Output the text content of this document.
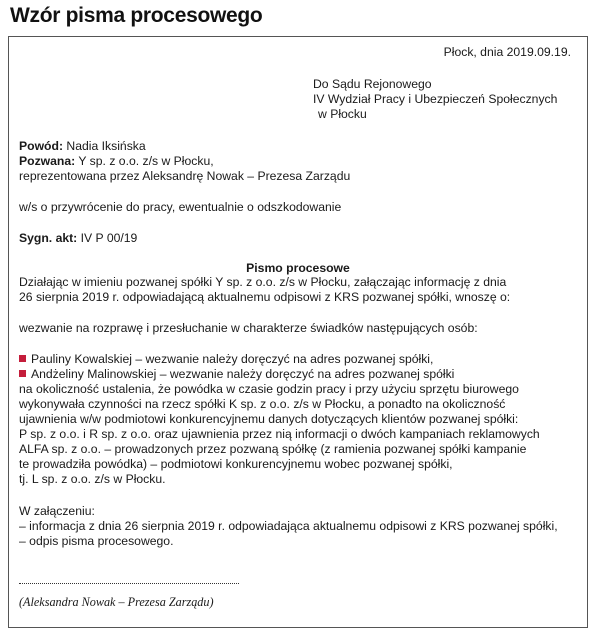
Wzór pisma procesowego
Płock, dnia 2019.09.19.
Do Sądu Rejonowego
IV Wydział Pracy i Ubezpieczeń Społecznych
w Płocku
Powód: Nadia Iksińska
Pozwana: Y sp. z o.o. z/s w Płocku,
reprezentowana przez Aleksandrę Nowak – Prezesa Zarządu
w/s o przywrócenie do pracy, ewentualnie o odszkodowanie
Sygn. akt: IV P 00/19
Pismo procesowe
Działając w imieniu pozwanej spółki Y sp. z o.o. z/s w Płocku, załączając informację z dnia
26 sierpnia 2019 r. odpowiadającą aktualnemu odpisowi z KRS pozwanej spółki, wnoszę o:
wezwanie na rozprawę i przesłuchanie w charakterze świadków następujących osób:
Pauliny Kowalskiej – wezwanie należy doręczyć na adres pozwanej spółki,
Andżeliny Malinowskiej – wezwanie należy doręczyć na adres pozwanej spółki
na okoliczność ustalenia, że powódka w czasie godzin pracy i przy użyciu sprzętu biurowego
wykonywała czynności na rzecz spółki K sp. z o.o. z/s w Płocku, a ponadto na okoliczność
ujawnienia w/w podmiotowi konkurencyjnemu danych dotyczących klientów pozwanej spółki:
P sp. z o.o. i R sp. z o.o. oraz ujawnienia przez nią informacji o dwóch kampaniach reklamowych
ALFA sp. z o.o. – prowadzonych przez pozwaną spółkę (z ramienia pozwanej spółki kampanie
te prowadziła powódka) – podmiotowi konkurencyjnemu wobec pozwanej spółki,
tj. L sp. z o.o. z/s w Płocku.
W załączeniu:
– informacja z dnia 26 sierpnia 2019 r. odpowiadająca aktualnemu odpisowi z KRS pozwanej spółki,
– odpis pisma procesowego.
(Aleksandra Nowak – Prezesa Zarządu)
